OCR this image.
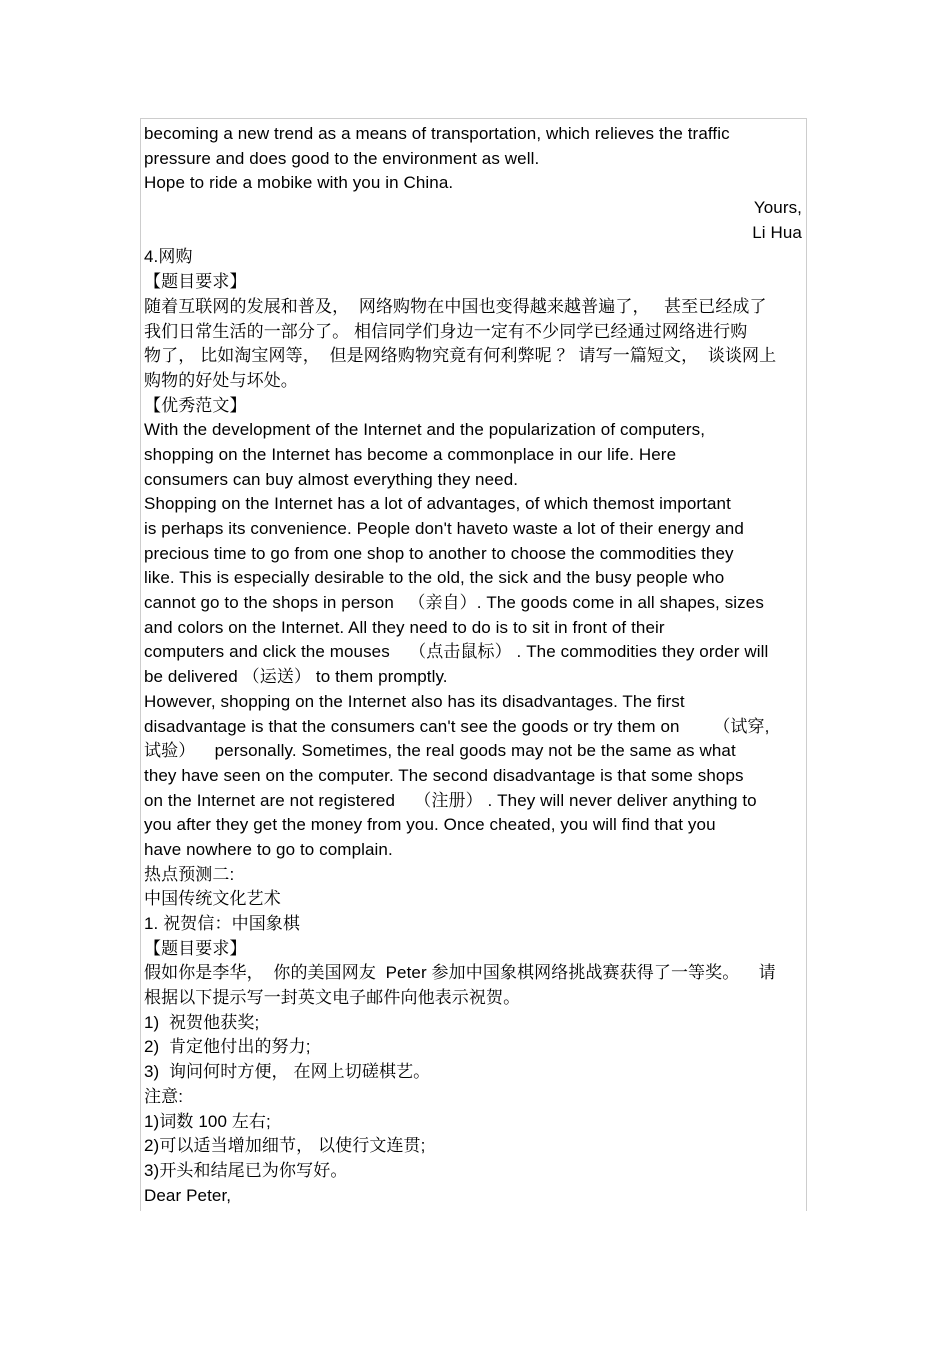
becoming a new trend as a means of transportation, which relieves the traffic
pressure and does good to the environment as well.
Hope to ride a mobike with you in China.
Yours,
Li Hua
4.网购
【题目要求】
随着互联网的发展和普及，  网络购物在中国也变得越来越普遍了，   甚至已经成了
我们日常生活的一部分了。 相信同学们身边一定有不少同学已经通过网络进行购
物了， 比如淘宝网等，  但是网络购物究竟有何利弊呢 ？ 请写一篇短文，  谈谈网上
购物的好处与坏处。
【优秀范文】
With the development of the Internet and the popularization of computers,
shopping on the Internet has become a commonplace in our life. Here
consumers can buy almost everything they need.
Shopping on the Internet has a lot of advantages, of which themost important
is perhaps its convenience. People don't haveto waste a lot of their energy and
precious time to go from one shop to another to choose the commodities they
like. This is especially desirable to the old, the sick and the busy people who
cannot go to the shops in person   （亲自）. The goods come in all shapes, sizes
and colors on the Internet. All they need to do is to sit in front of their
computers and click the mouses    （点击鼠标） . The commodities they order will
be delivered （运送） to them promptly.
However, shopping on the Internet also has its disadvantages. The first
disadvantage is that the consumers can't see the goods or try them on       （试穿,
试验）    personally. Sometimes, the real goods may not be the same as what
they have seen on the computer. The second disadvantage is that some shops
on the Internet are not registered    （注册） . They will never deliver anything to
you after they get the money from you. Once cheated, you will find that you
have nowhere to go to complain.
热点预测二:
中国传统文化艺术
1. 祝贺信：中国象棋
【题目要求】
假如你是李华，  你的美国网友  Peter 参加中国象棋网络挑战赛获得了一等奖。    请
根据以下提示写一封英文电子邮件向他表示祝贺。
1)  祝贺他获奖;
2)  肯定他付出的努力;
3)  询问何时方便， 在网上切磋棋艺。
注意:
1)词数 100 左右;
2)可以适当增加细节， 以使行文连贯;
3)开头和结尾已为你写好。
Dear Peter,
